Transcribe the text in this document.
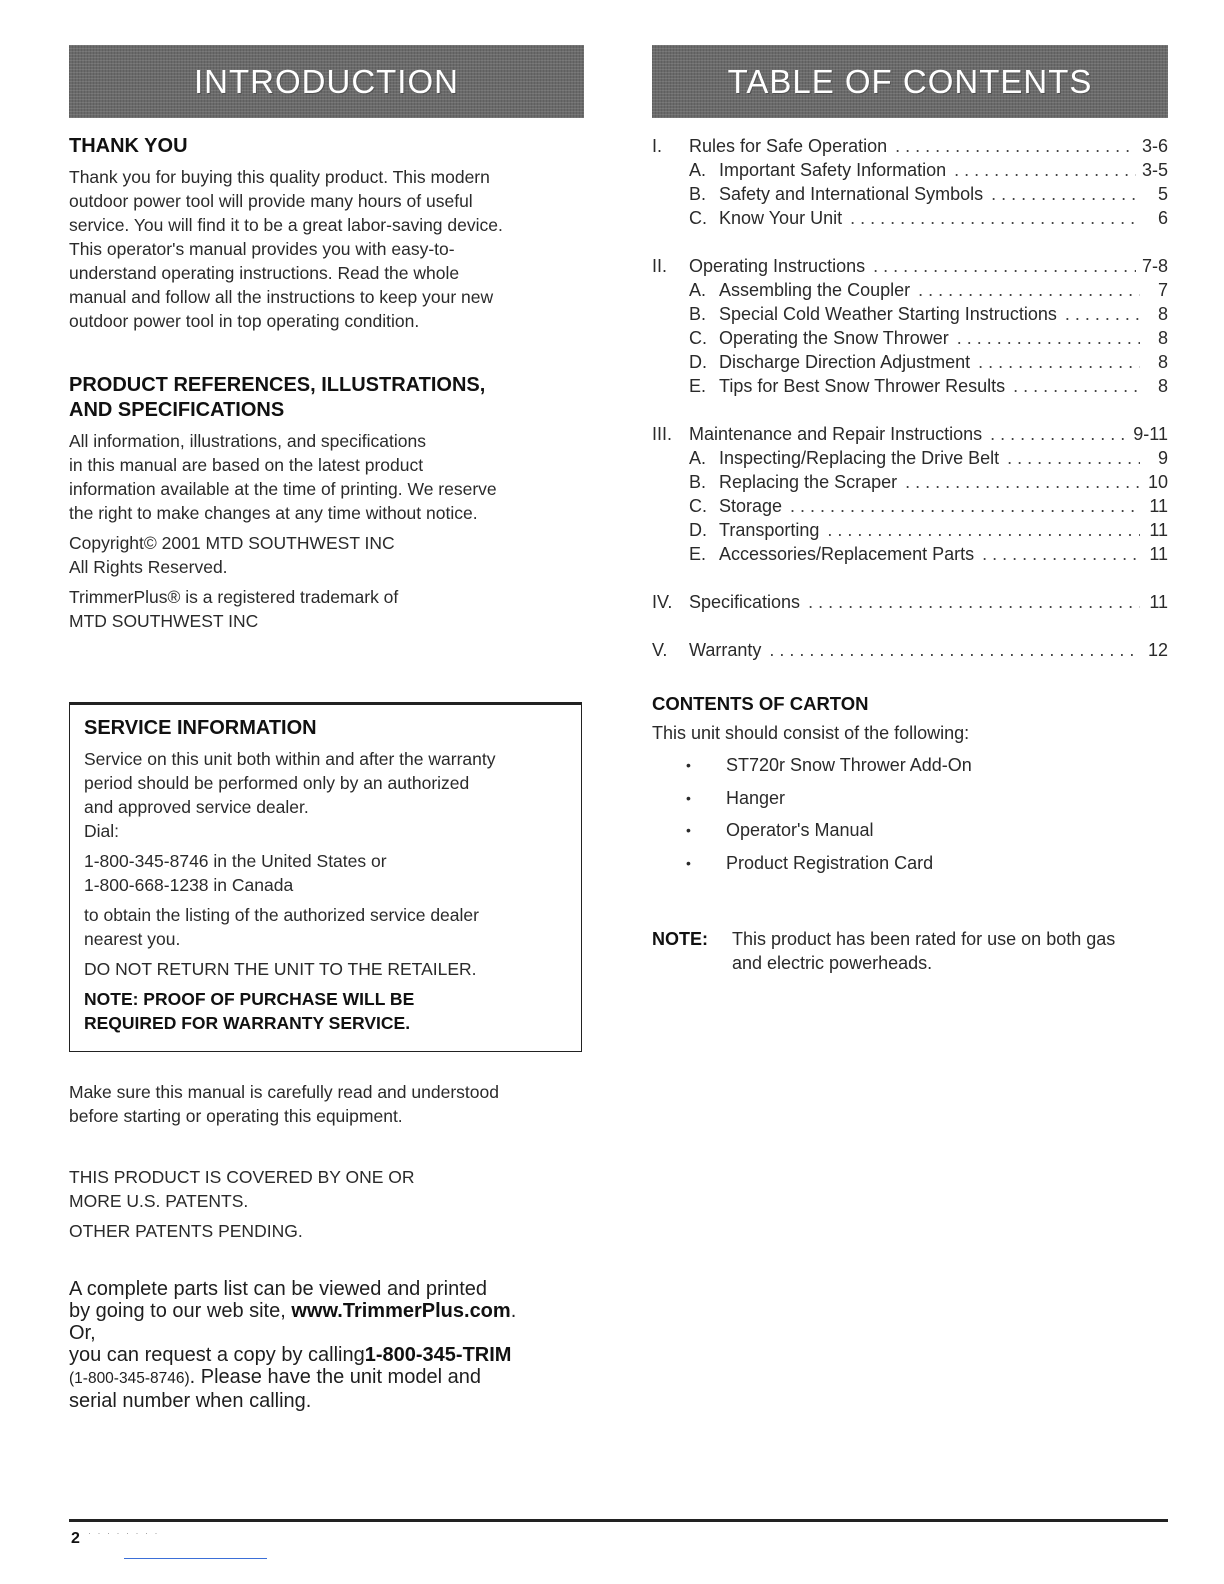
INTRODUCTION
THANK YOU

Thank you for buying this quality product. This modern

outdoor power tool will provide many hours of useful

service. You will find it to be a great labor-saving device.

This operator's manual provides you with easy-to-

understand operating instructions. Read the whole

manual and follow all the instructions to keep your new

outdoor power tool in top operating condition.

PRODUCT REFERENCES, ILLUSTRATIONS,
AND SPECIFICATIONS

All information, illustrations, and specifications

in this manual are based on the latest product

information available at the time of printing. We reserve

the right to make changes at any time without notice.

Copyright© 2001 MTD SOUTHWEST INC

All Rights Reserved.

TrimmerPlus® is a registered trademark of

MTD SOUTHWEST INC

SERVICE INFORMATION

Service on this unit both within and after the warranty

period should be performed only by an authorized

and approved service dealer.

Dial:

1-800-345-8746 in the United States or

1-800-668-1238 in Canada

to obtain the listing of the authorized service dealer

nearest you.

DO NOT RETURN THE UNIT TO THE RETAILER.

NOTE: PROOF OF PURCHASE WILL BE

REQUIRED FOR WARRANTY SERVICE.

Make sure this manual is carefully read and understood

before starting or operating this equipment.

THIS PRODUCT IS COVERED BY ONE OR

MORE U.S. PATENTS.

OTHER PATENTS PENDING.

A complete parts list can be viewed and printed

by going to our web site, www.TrimmerPlus.com.

Or,

you can request a copy by calling1-800-345-TRIM

(1-800-345-8746). Please have the unit model and

serial number when calling.

TABLE OF CONTENTS
I.	Rules for Safe Operation . . .	3-6
A. Important Safety Information . . .	3-5
B. Safety and International Symbols . . .	5
C. Know Your Unit . . .	6
II.	Operating Instructions . . .	7-8
A. Assembling the Coupler . . .	7
B. Special Cold Weather Starting Instructions . . .	8
C. Operating the Snow Thrower . . .	8
D. Discharge Direction Adjustment . . .	8
E. Tips for Best Snow Thrower Results . . .	8
III. Maintenance and Repair Instructions . . .	9-11
A. Inspecting/Replacing the Drive Belt . . .	9
B. Replacing the Scraper . . .	10
C. Storage . . .	11
D. Transporting . . .	11
E. Accessories/Replacement Parts . . .	11
IV. Specifications . . .	11
V.	Warranty . . .	12
CONTENTS OF CARTON

This unit should consist of the following:

• ST720r Snow Thrower Add-On
• Hanger
• Operator's Manual
• Product Registration Card
NOTE:	This product has been rated for use on both gas

and electric powerheads.

2 · · · · · · · ·
